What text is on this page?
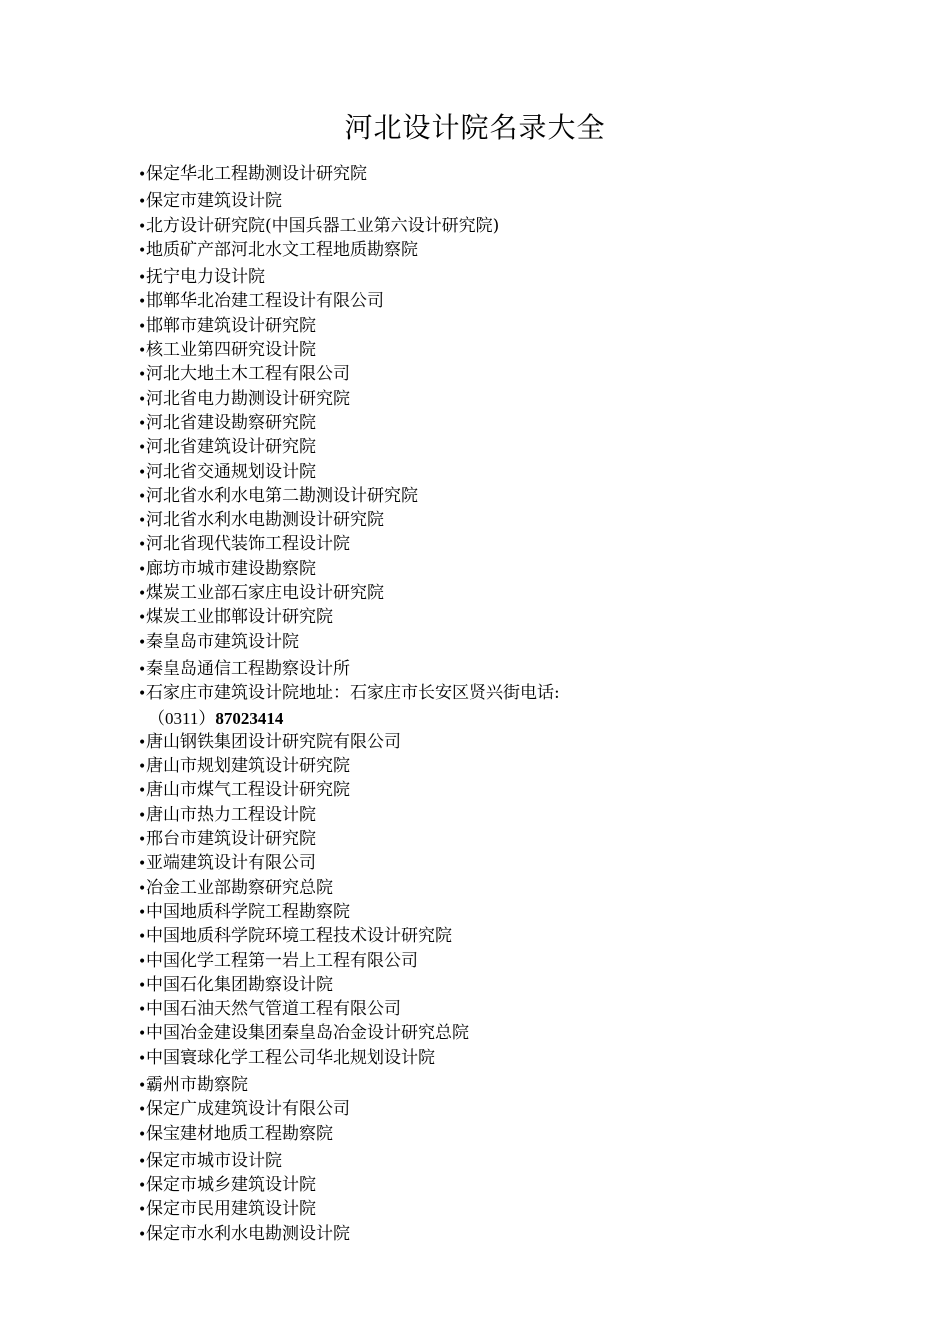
河北设计院名录大全
•保定华北工程勘测设计研究院
•保定市建筑设计院
•北方设计研究院(中国兵器工业第六设计研究院)
•地质矿产部河北水文工程地质勘察院
•抚宁电力设计院
•邯郸华北冶建工程设计有限公司
•邯郸市建筑设计研究院
•核工业第四研究设计院
•河北大地土木工程有限公司
•河北省电力勘测设计研究院
•河北省建设勘察研究院
•河北省建筑设计研究院
•河北省交通规划设计院
•河北省水利水电第二勘测设计研究院
•河北省水利水电勘测设计研究院
•河北省现代装饰工程设计院
•廊坊市城市建设勘察院
•煤炭工业部石家庄电设计研究院
•煤炭工业邯郸设计研究院
•秦皇岛市建筑设计院
•秦皇岛通信工程勘察设计所
•石家庄市建筑设计院地址：石家庄市长安区贤兴街电话:
（0311）87023414
•唐山钢铁集团设计研究院有限公司
•唐山市规划建筑设计研究院
•唐山市煤气工程设计研究院
•唐山市热力工程设计院
•邢台市建筑设计研究院
•亚端建筑设计有限公司
•冶金工业部勘察研究总院
•中国地质科学院工程勘察院
•中国地质科学院环境工程技术设计研究院
•中国化学工程第一岩上工程有限公司
•中国石化集团勘察设计院
•中国石油天然气管道工程有限公司
•中国冶金建设集团秦皇岛冶金设计研究总院
•中国寰球化学工程公司华北规划设计院
•霸州市勘察院
•保定广成建筑设计有限公司
•保宝建材地质工程勘察院
•保定市城市设计院
•保定市城乡建筑设计院
•保定市民用建筑设计院
•保定市水利水电勘测设计院
